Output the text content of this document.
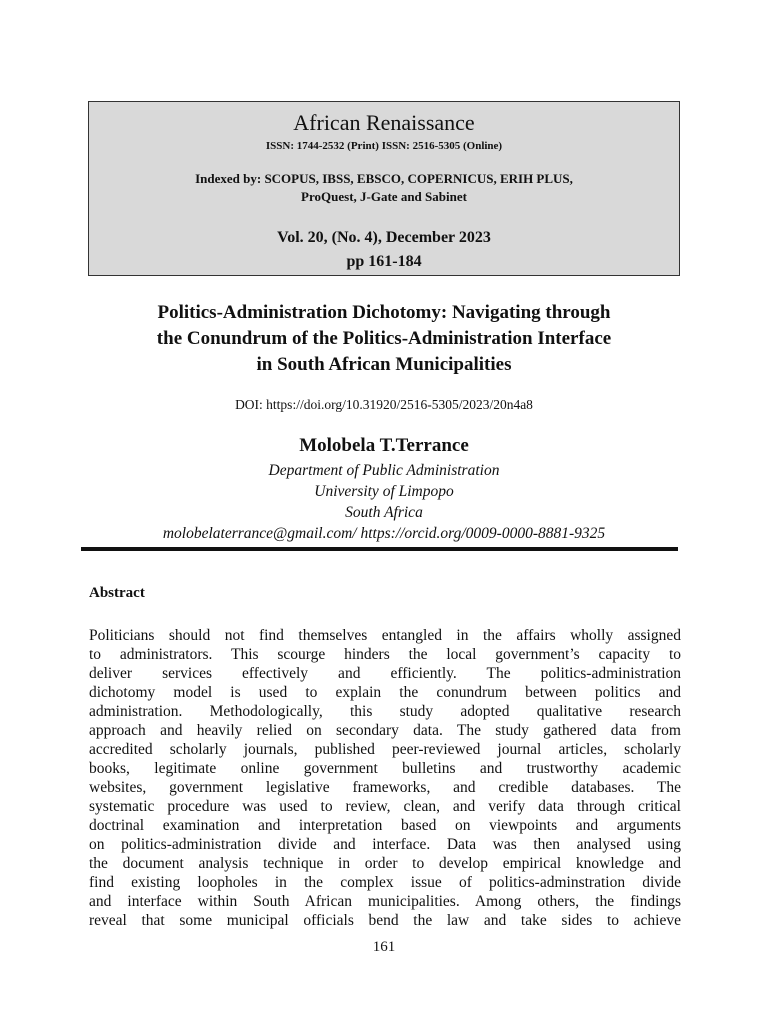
African Renaissance
ISSN: 1744-2532 (Print) ISSN: 2516-5305 (Online)
Indexed by: SCOPUS, IBSS, EBSCO, COPERNICUS, ERIH PLUS,
ProQuest, J-Gate and Sabinet
Vol. 20, (No. 4), December 2023
pp 161-184
Politics-Administration Dichotomy: Navigating through
the Conundrum of the Politics-Administration Interface
in South African Municipalities
DOI: https://doi.org/10.31920/2516-5305/2023/20n4a8
Molobela T.Terrance
Department of Public Administration
University of Limpopo
South Africa
molobelaterrance@gmail.com/ https://orcid.org/0009-0000-8881-9325
Abstract
Politicians should not find themselves entangled in the affairs wholly assigned
to administrators. This scourge hinders the local government’s capacity to
deliver services effectively and efficiently. The politics-administration
dichotomy model is used to explain the conundrum between politics and
administration. Methodologically, this study adopted qualitative research
approach and heavily relied on secondary data. The study gathered data from
accredited scholarly journals, published peer-reviewed journal articles, scholarly
books, legitimate online government bulletins and trustworthy academic
websites, government legislative frameworks, and credible databases. The
systematic procedure was used to review, clean, and verify data through critical
doctrinal examination and interpretation based on viewpoints and arguments
on politics-administration divide and interface. Data was then analysed using
the document analysis technique in order to develop empirical knowledge and
find existing loopholes in the complex issue of politics-adminstration divide
and interface within South African municipalities. Among others, the findings
reveal that some municipal officials bend the law and take sides to achieve
161
